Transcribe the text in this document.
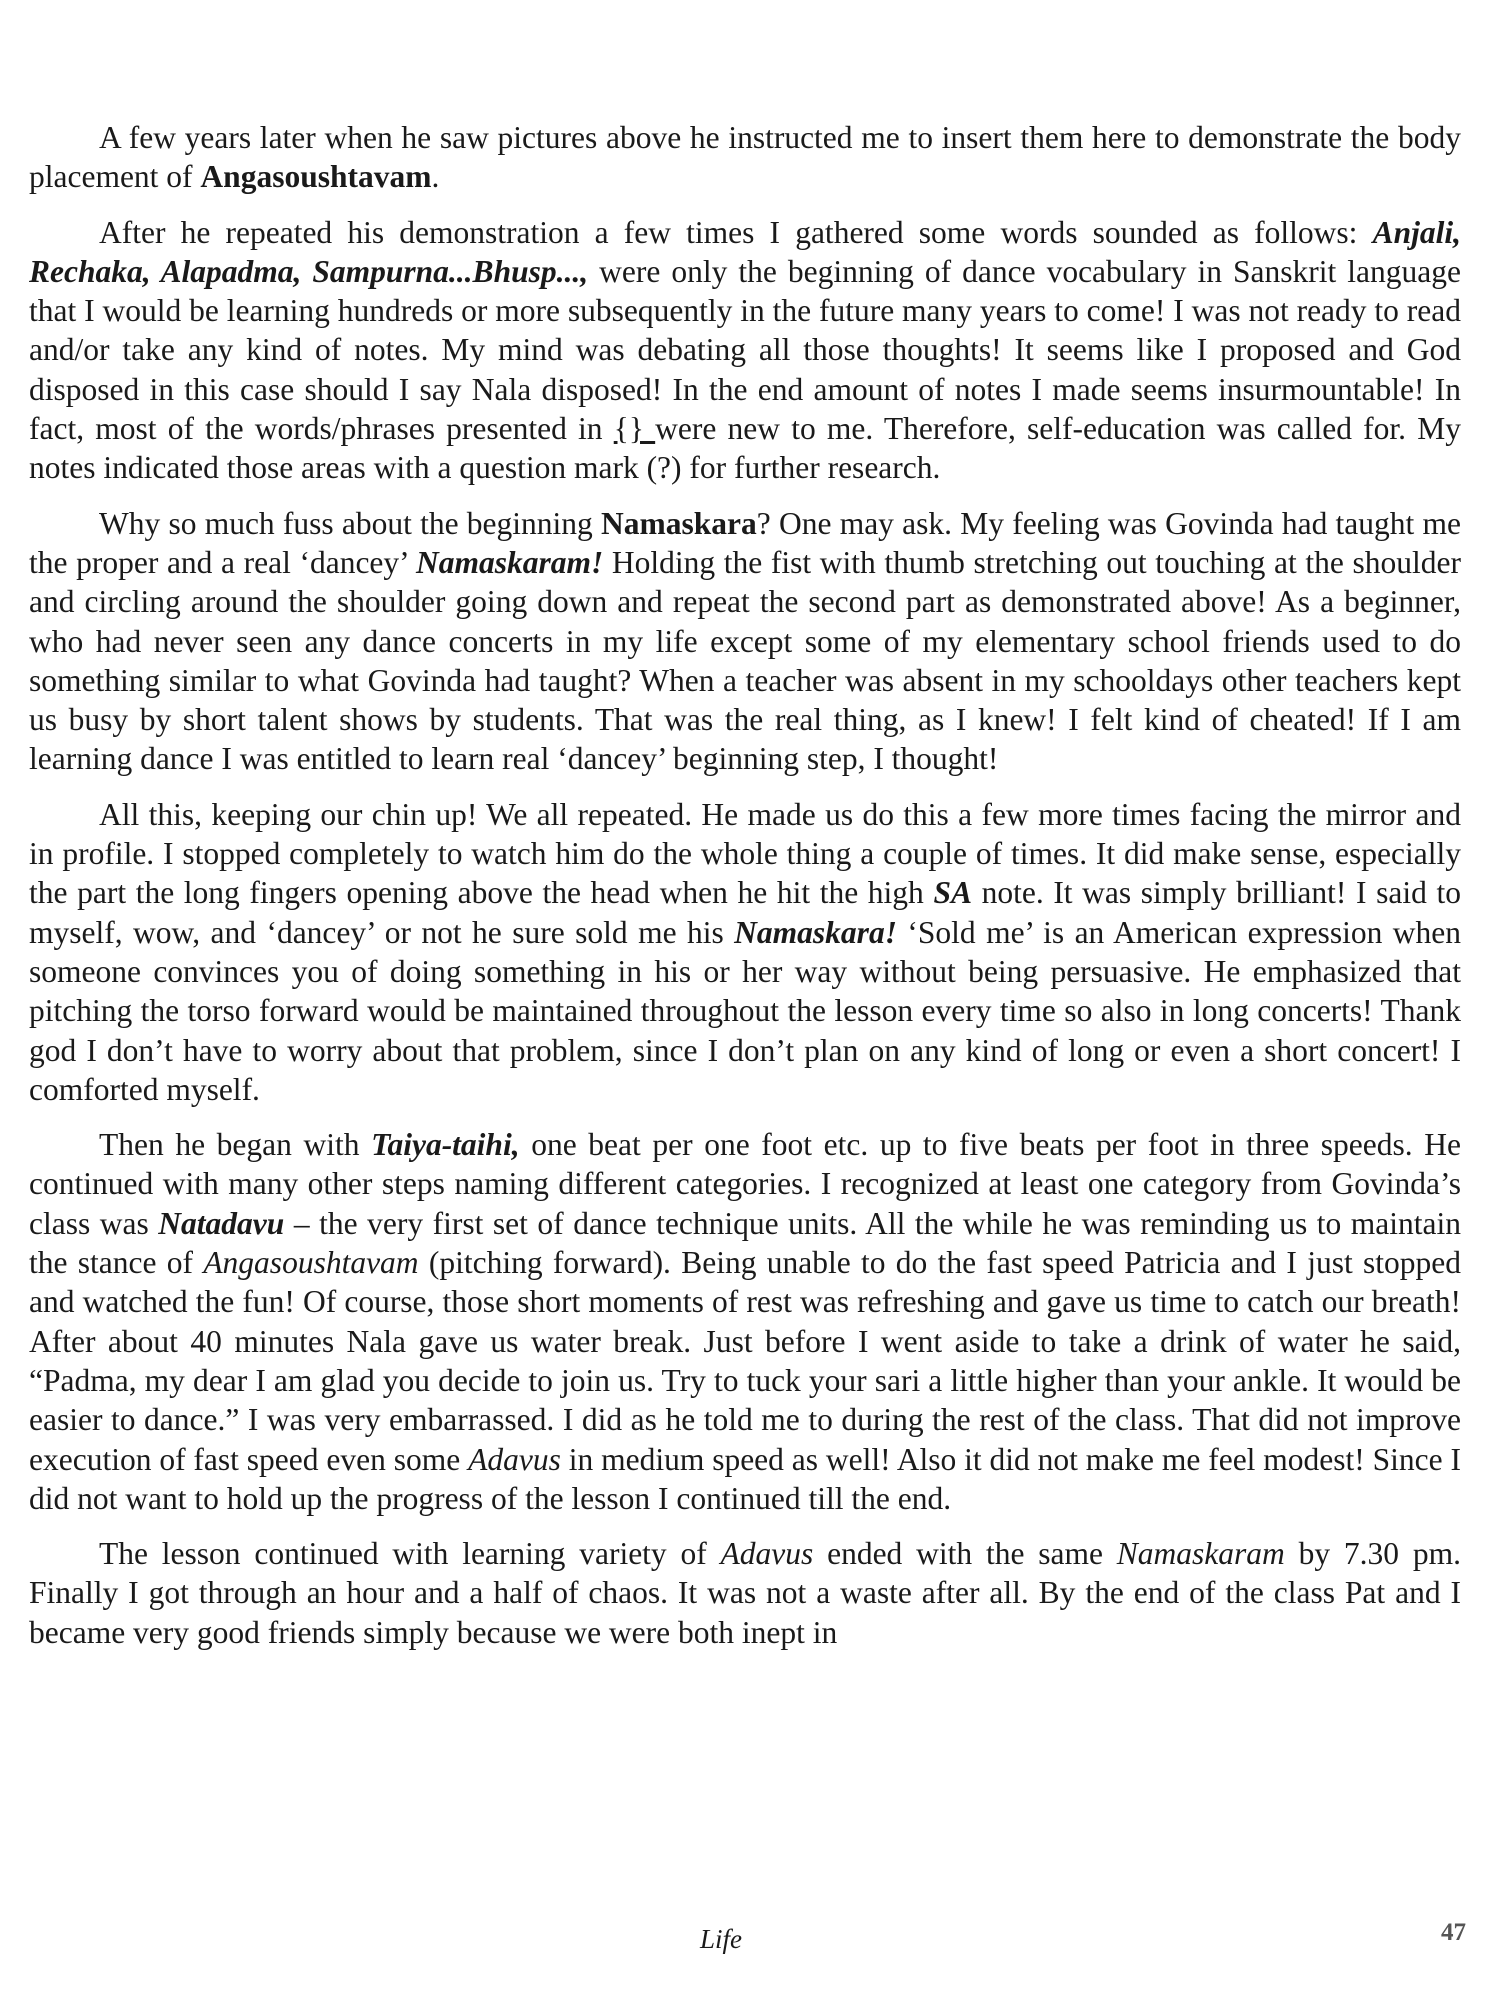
A few years later when he saw pictures above he instructed me to insert them here to demonstrate the body placement of Angasoushtavam.

After he repeated his demonstration a few times I gathered some words sounded as follows: Anjali, Rechaka, Alapadma, Sampurna...Bhusp..., were only the beginning of dance vocabulary in Sanskrit language that I would be learning hundreds or more subsequently in the future many years to come! I was not ready to read and/or take any kind of notes. My mind was debating all those thoughts! It seems like I proposed and God disposed in this case should I say Nala disposed! In the end amount of notes I made seems insurmountable! In fact, most of the words/phrases presented in {} were new to me. Therefore, self-education was called for. My notes indicated those areas with a question mark (?) for further research.

Why so much fuss about the beginning Namaskara? One may ask. My feeling was Govinda had taught me the proper and a real ‘dancey’ Namaskaram! Holding the fist with thumb stretching out touching at the shoulder and circling around the shoulder going down and repeat the second part as demonstrated above! As a beginner, who had never seen any dance concerts in my life except some of my elementary school friends used to do something similar to what Govinda had taught? When a teacher was absent in my schooldays other teachers kept us busy by short talent shows by students. That was the real thing, as I knew! I felt kind of cheated! If I am learning dance I was entitled to learn real ‘dancey’ beginning step, I thought!

All this, keeping our chin up! We all repeated. He made us do this a few more times facing the mirror and in profile. I stopped completely to watch him do the whole thing a couple of times. It did make sense, especially the part the long fingers opening above the head when he hit the high SA note. It was simply brilliant! I said to myself, wow, and ‘dancey’ or not he sure sold me his Namaskara! ‘Sold me’ is an American expression when someone convinces you of doing something in his or her way without being persuasive. He emphasized that pitching the torso forward would be maintained throughout the lesson every time so also in long concerts! Thank god I don’t have to worry about that problem, since I don’t plan on any kind of long or even a short concert! I comforted myself.

Then he began with Taiya-taihi, one beat per one foot etc. up to five beats per foot in three speeds. He continued with many other steps naming different categories. I recognized at least one category from Govinda’s class was Natadavu – the very first set of dance technique units. All the while he was reminding us to maintain the stance of Angasoushtavam (pitching forward). Being unable to do the fast speed Patricia and I just stopped and watched the fun! Of course, those short moments of rest was refreshing and gave us time to catch our breath! After about 40 minutes Nala gave us water break. Just before I went aside to take a drink of water he said, “Padma, my dear I am glad you decide to join us. Try to tuck your sari a little higher than your ankle. It would be easier to dance.” I was very embarrassed. I did as he told me to during the rest of the class. That did not improve execution of fast speed even some Adavus in medium speed as well! Also it did not make me feel modest! Since I did not want to hold up the progress of the lesson I continued till the end.

The lesson continued with learning variety of Adavus ended with the same Namaskaram by 7.30 pm. Finally I got through an hour and a half of chaos. It was not a waste after all. By the end of the class Pat and I became very good friends simply because we were both inept in

Life	47
